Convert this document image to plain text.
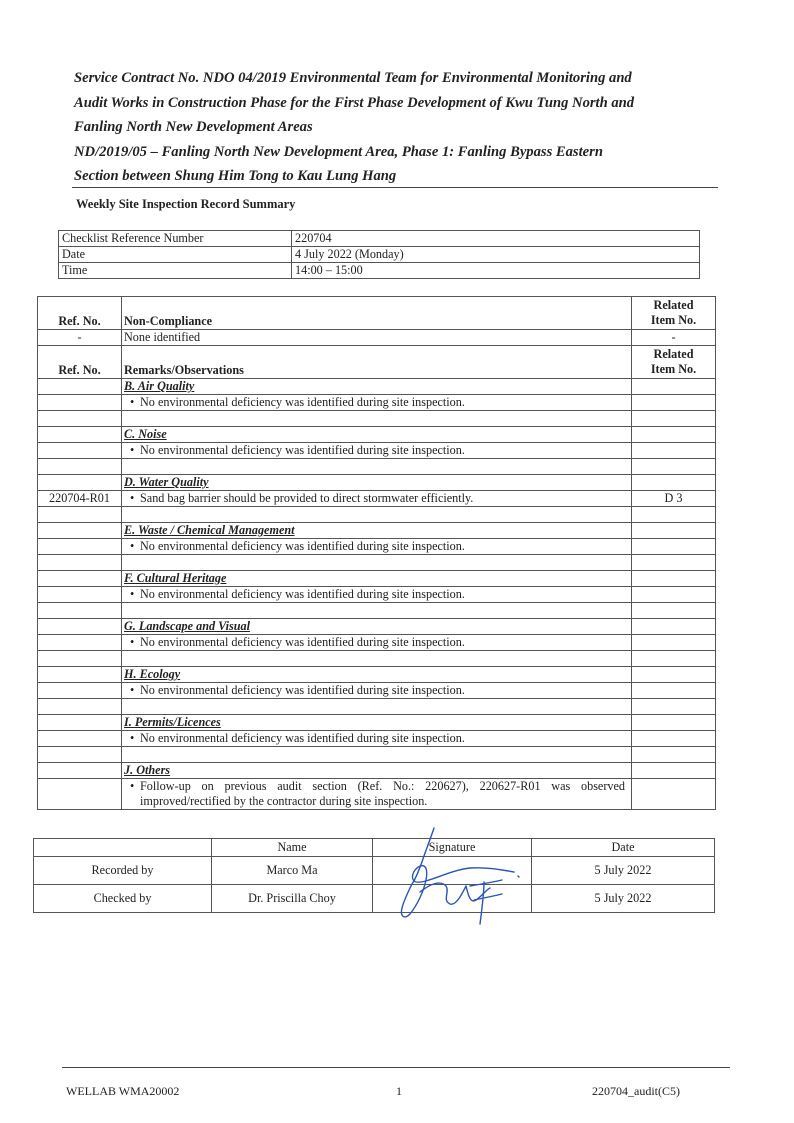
Service Contract No. NDO 04/2019 Environmental Team for Environmental Monitoring and

Audit Works in Construction Phase for the First Phase Development of Kwu Tung North and

Fanling North New Development Areas

ND/2019/05 – Fanling North New Development Area, Phase 1: Fanling Bypass Eastern

Section between Shung Him Tong to Kau Lung Hang

Weekly Site Inspection Record Summary

Checklist Reference Number	220704
Date	4 July 2022 (Monday)
Time	14:00 – 15:00
Ref. No.	Non-Compliance	Related
Item No.

-	None identified	-
Ref. No.	Remarks/Observations	Related
Item No.

	B. Air Quality	

	• No environmental deficiency was identified during site inspection.	

	C. Noise	

	• No environmental deficiency was identified during site inspection.	

	D. Water Quality	
220704-R01	• Sand bag barrier should be provided to direct stormwater efficiently.	D 3

	E. Waste / Chemical Management	

	• No environmental deficiency was identified during site inspection.	

	F. Cultural Heritage	

	• No environmental deficiency was identified during site inspection.	

	G. Landscape and Visual	

	• No environmental deficiency was identified during site inspection.	

	H. Ecology	

	• No environmental deficiency was identified during site inspection.	

	I. Permits/Licences	

	• No environmental deficiency was identified during site inspection.	

	J. Others	

	• Follow-up on previous audit section (Ref. No.: 220627), 220627-R01 was observed improved/rectified by the contractor during site inspection.	

	Name	Signature	Date
Recorded by	Marco Ma		5 July 2022
Checked by	Dr. Priscilla Choy		5 July 2022

WELLAB WMA20002	1	220704_audit(C5)
